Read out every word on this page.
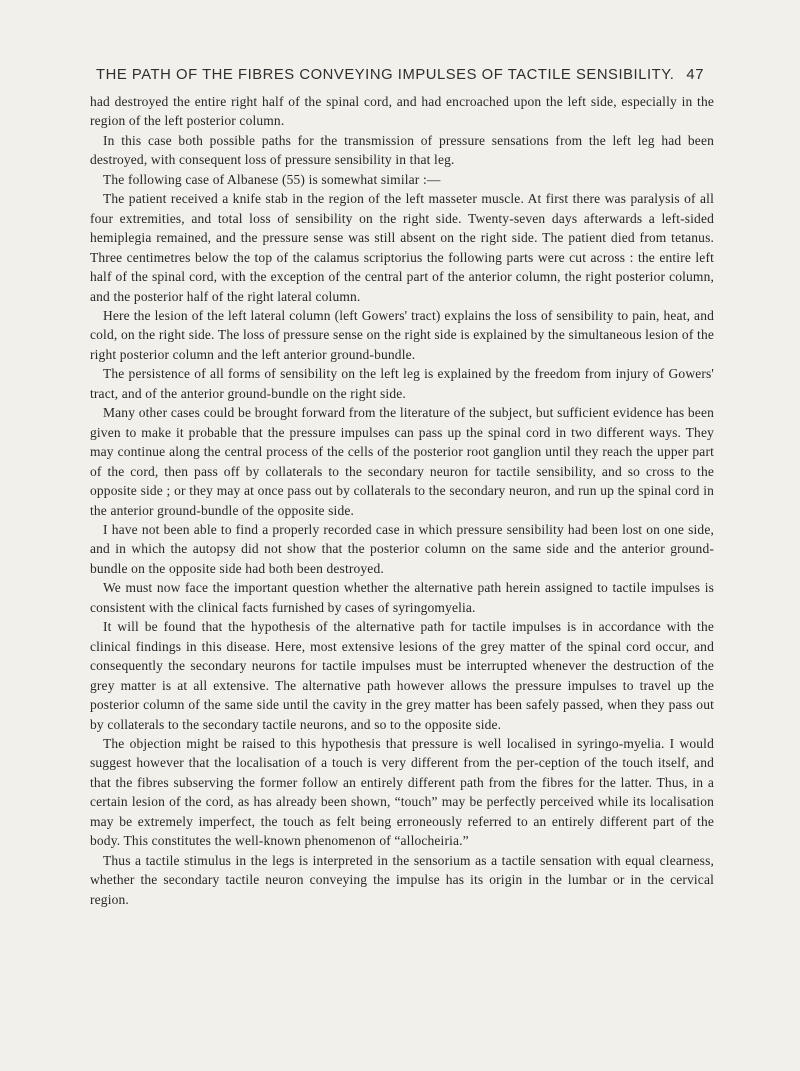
THE PATH OF THE FIBRES CONVEYING IMPULSES OF TACTILE SENSIBILITY. 47

had destroyed the entire right half of the spinal cord, and had encroached upon the left side, especially in the region of the left posterior column.

In this case both possible paths for the transmission of pressure sensations from the left leg had been destroyed, with consequent loss of pressure sensibility in that leg.

The following case of Albanese (55) is somewhat similar :—

The patient received a knife stab in the region of the left masseter muscle. At first there was paralysis of all four extremities, and total loss of sensibility on the right side. Twenty-seven days afterwards a left-sided hemiplegia remained, and the pressure sense was still absent on the right side. The patient died from tetanus. Three centimetres below the top of the calamus scriptorius the following parts were cut across : the entire left half of the spinal cord, with the exception of the central part of the anterior column, the right posterior column, and the posterior half of the right lateral column.

Here the lesion of the left lateral column (left Gowers' tract) explains the loss of sensibility to pain, heat, and cold, on the right side. The loss of pressure sense on the right side is explained by the simultaneous lesion of the right posterior column and the left anterior ground-bundle.

The persistence of all forms of sensibility on the left leg is explained by the freedom from injury of Gowers' tract, and of the anterior ground-bundle on the right side.

Many other cases could be brought forward from the literature of the subject, but sufficient evidence has been given to make it probable that the pressure impulses can pass up the spinal cord in two different ways. They may continue along the central process of the cells of the posterior root ganglion until they reach the upper part of the cord, then pass off by collaterals to the secondary neuron for tactile sensibility, and so cross to the opposite side ; or they may at once pass out by collaterals to the secondary neuron, and run up the spinal cord in the anterior ground-bundle of the opposite side.

I have not been able to find a properly recorded case in which pressure sensibility had been lost on one side, and in which the autopsy did not show that the posterior column on the same side and the anterior ground-bundle on the opposite side had both been destroyed.

We must now face the important question whether the alternative path herein assigned to tactile impulses is consistent with the clinical facts furnished by cases of syringomyelia.

It will be found that the hypothesis of the alternative path for tactile impulses is in accordance with the clinical findings in this disease. Here, most extensive lesions of the grey matter of the spinal cord occur, and consequently the secondary neurons for tactile impulses must be interrupted whenever the destruction of the grey matter is at all extensive. The alternative path however allows the pressure impulses to travel up the posterior column of the same side until the cavity in the grey matter has been safely passed, when they pass out by collaterals to the secondary tactile neurons, and so to the opposite side.

The objection might be raised to this hypothesis that pressure is well localised in syringo-myelia. I would suggest however that the localisation of a touch is very different from the per-ception of the touch itself, and that the fibres subserving the former follow an entirely different path from the fibres for the latter. Thus, in a certain lesion of the cord, as has already been shown, “touch” may be perfectly perceived while its localisation may be extremely imperfect, the touch as felt being erroneously referred to an entirely different part of the body. This constitutes the well-known phenomenon of “allocheiria.”

Thus a tactile stimulus in the legs is interpreted in the sensorium as a tactile sensation with equal clearness, whether the secondary tactile neuron conveying the impulse has its origin in the lumbar or in the cervical region.
